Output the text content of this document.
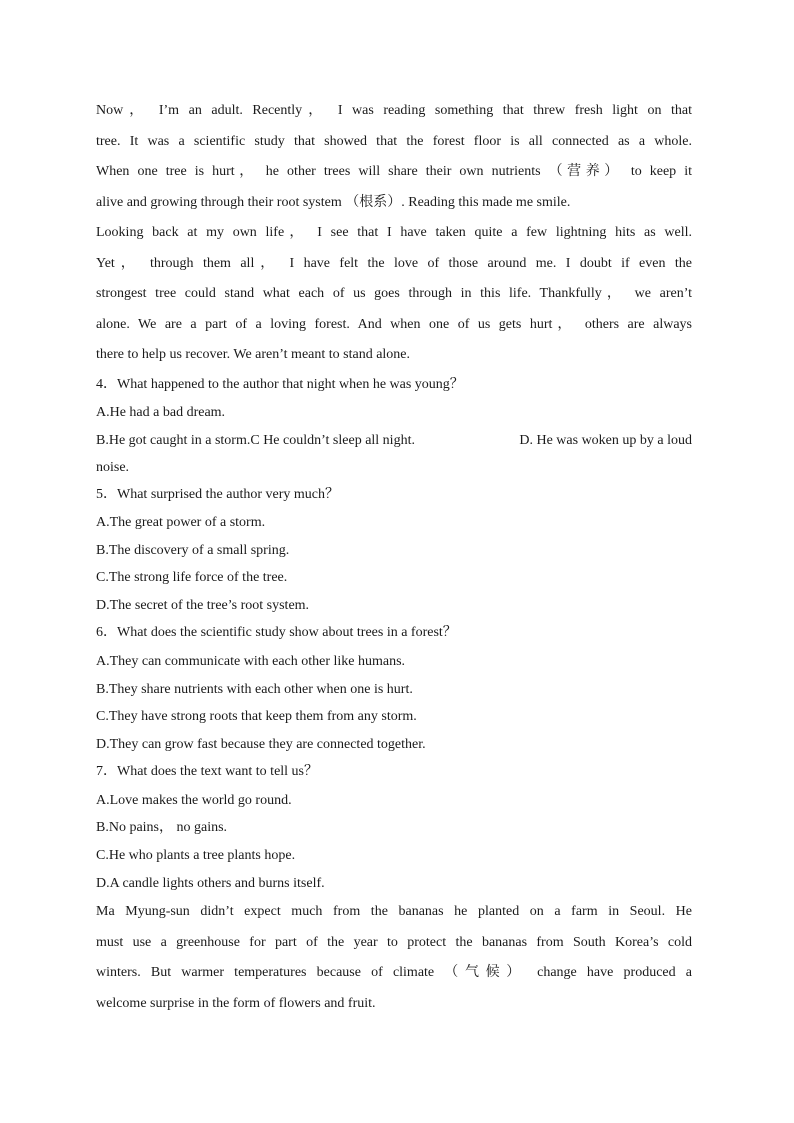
Now， I’m an adult. Recently， I was reading something that threw fresh light on that
tree. It was a scientific study that showed that the forest floor is all connected as a whole.
When one tree is hurt， he other trees will share their own nutrients （营养） to keep it
alive and growing through their root system （根系）. Reading this made me smile.

Looking back at my own life， I see that I have taken quite a few lightning hits as well.
Yet， through them all， I have felt the love of those around me. I doubt if even the
strongest tree could stand what each of us goes through in this life. Thankfully， we aren’t
alone. We are a part of a loving forest. And when one of us gets hurt， others are always
there to help us recover. We aren’t meant to stand alone.

4．What happened to the author that night when he was young？
A.He had a bad dream.
B.He got caught in a storm.C He couldn’t sleep all night.	D. He was woken up by a loud
noise.
5．What surprised the author very much？
A.The great power of a storm.
B.The discovery of a small spring.
C.The strong life force of the tree.
D.The secret of the tree’s root system.
6．What does the scientific study show about trees in a forest？
A.They can communicate with each other like humans.
B.They share nutrients with each other when one is hurt.
C.They have strong roots that keep them from any storm.
D.They can grow fast because they are connected together.
7．What does the text want to tell us？
A.Love makes the world go round.
B.No pains， no gains.
C.He who plants a tree plants hope.
D.A candle lights others and burns itself.

Ma Myung-sun didn’t expect much from the bananas he planted on a farm in Seoul. He
must use a greenhouse for part of the year to protect the bananas from South Korea’s cold
winters. But warmer temperatures because of climate （气候） change have produced a
welcome surprise in the form of flowers and fruit.
